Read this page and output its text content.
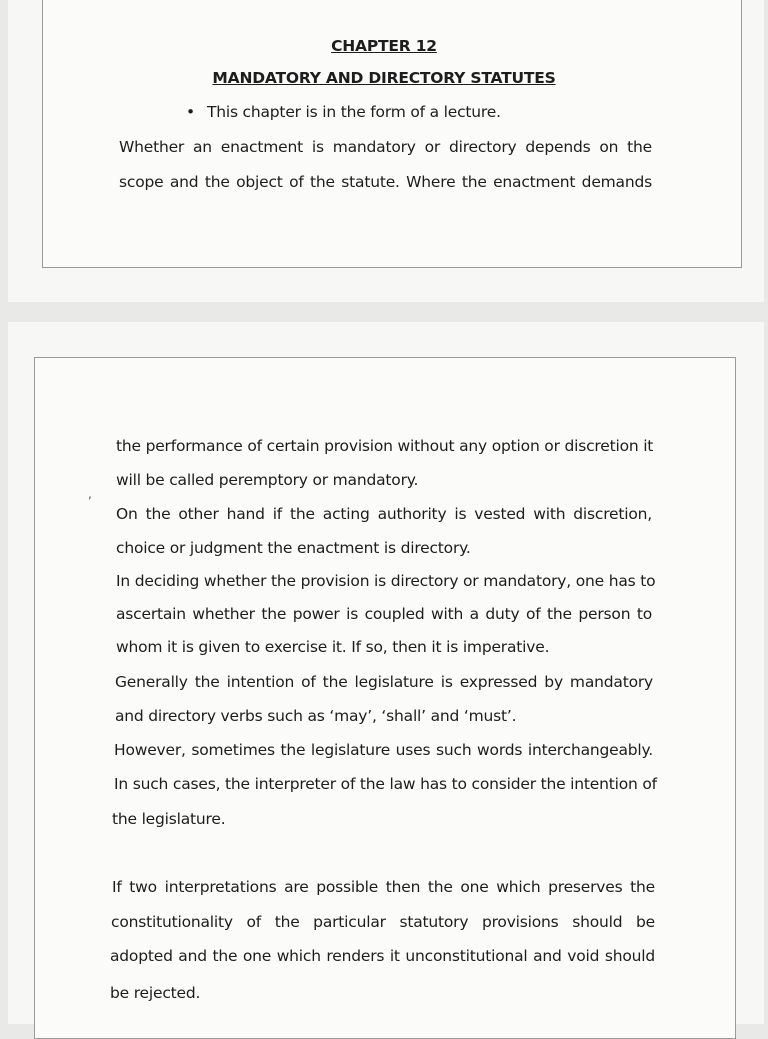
CHAPTER 12
MANDATORY AND DIRECTORY STATUTES
• This chapter is in the form of a lecture.
Whether an enactment is mandatory or directory depends on the
scope and the object of the statute. Where the enactment demands
the performance of certain provision without any option or discretion it
will be called peremptory or mandatory.
On the other hand if the acting authority is vested with discretion,
choice or judgment the enactment is directory.
In deciding whether the provision is directory or mandatory, one has to
ascertain whether the power is coupled with a duty of the person to
whom it is given to exercise it. If so, then it is imperative.
Generally the intention of the legislature is expressed by mandatory
and directory verbs such as ‘may’, ‘shall’ and ‘must’.
However, sometimes the legislature uses such words interchangeably.
In such cases, the interpreter of the law has to consider the intention of
the legislature.
If two interpretations are possible then the one which preserves the
constitutionality of the particular statutory provisions should be
adopted and the one which renders it unconstitutional and void should
be rejected.
,
